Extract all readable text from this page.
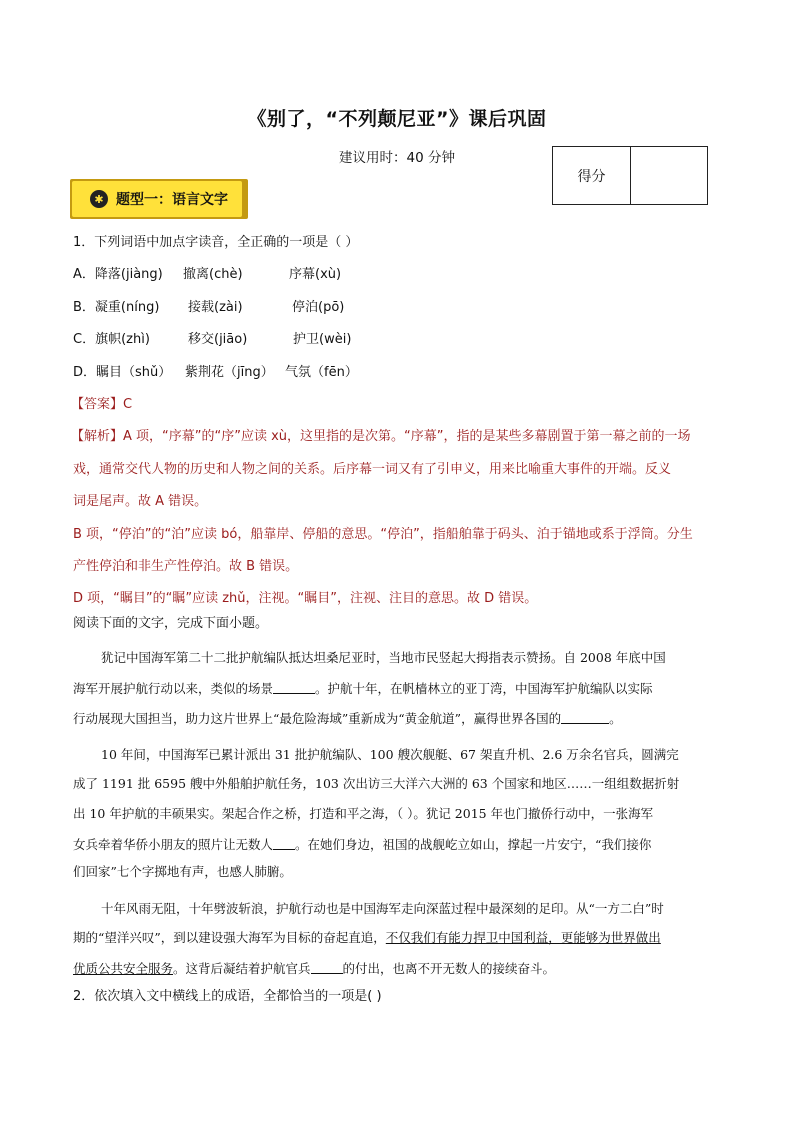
《别了，“不列颠尼亚”》课后巩固
建议用时：40 分钟
得分
✱ 题型一：语言文字
1．下列词语中加点字读音，全正确的一项是（ ）
A．降落(jiàng) 撤离(chè)	序幕(xù)
B．凝重(níng) 接载(zài)	停泊(pō)
C．旗帜(zhì)	移交(jiāo)	护卫(wèi)
D．瞩目（shǔ） 紫荆花（jīng） 气氛（fēn）
【答案】C
【解析】A 项，“序幕”的“序”应读 xù，这里指的是次第。“序幕”，指的是某些多幕剧置于第一幕之前的一场
戏，通常交代人物的历史和人物之间的关系。后序幕一词又有了引申义，用来比喻重大事件的开端。反义
词是尾声。故 A 错误。
B 项，“停泊”的“泊”应读 bó，船靠岸、停船的意思。“停泊”，指船舶靠于码头、泊于锚地或系于浮筒。分生
产性停泊和非生产性停泊。故 B 错误。
D 项，“瞩目”的“瞩”应读 zhǔ，注视。“瞩目”，注视、注目的意思。故 D 错误。
阅读下面的文字，完成下面小题。
犹记中国海军第二十二批护航编队抵达坦桑尼亚时，当地市民竖起大拇指表示赞扬。自 2008 年底中国
海军开展护航行动以来，类似的场景	。护航十年，在帆樯林立的亚丁湾，中国海军护航编队以实际
行动展现大国担当，助力这片世界上“最危险海域”重新成为“黄金航道”，赢得世界各国的	。
10 年间，中国海军已累计派出 31 批护航编队、100 艘次舰艇、67 架直升机、2.6 万余名官兵，圆满完
成了 1191 批 6595 艘中外船舶护航任务，103 次出访三大洋六大洲的 63 个国家和地区……一组组数据折射
出 10 年护航的丰硕果实。架起合作之桥，打造和平之海，（ ）。犹记 2015 年也门撤侨行动中，一张海军
女兵牵着华侨小朋友的照片让无数人 。在她们身边，祖国的战舰屹立如山，撑起一片安宁，“我们接你
们回家”七个字掷地有声，也感人肺腑。
十年风雨无阻，十年劈波斩浪，护航行动也是中国海军走向深蓝过程中最深刻的足印。从“一方二白”时
期的“望洋兴叹”，到以建设强大海军为目标的奋起直追，不仅我们有能力捍卫中国利益，更能够为世界做出
优质公共安全服务。这背后凝结着护航官兵	的付出，也离不开无数人的接续奋斗。
2．依次填入文中横线上的成语，全都恰当的一项是( )
